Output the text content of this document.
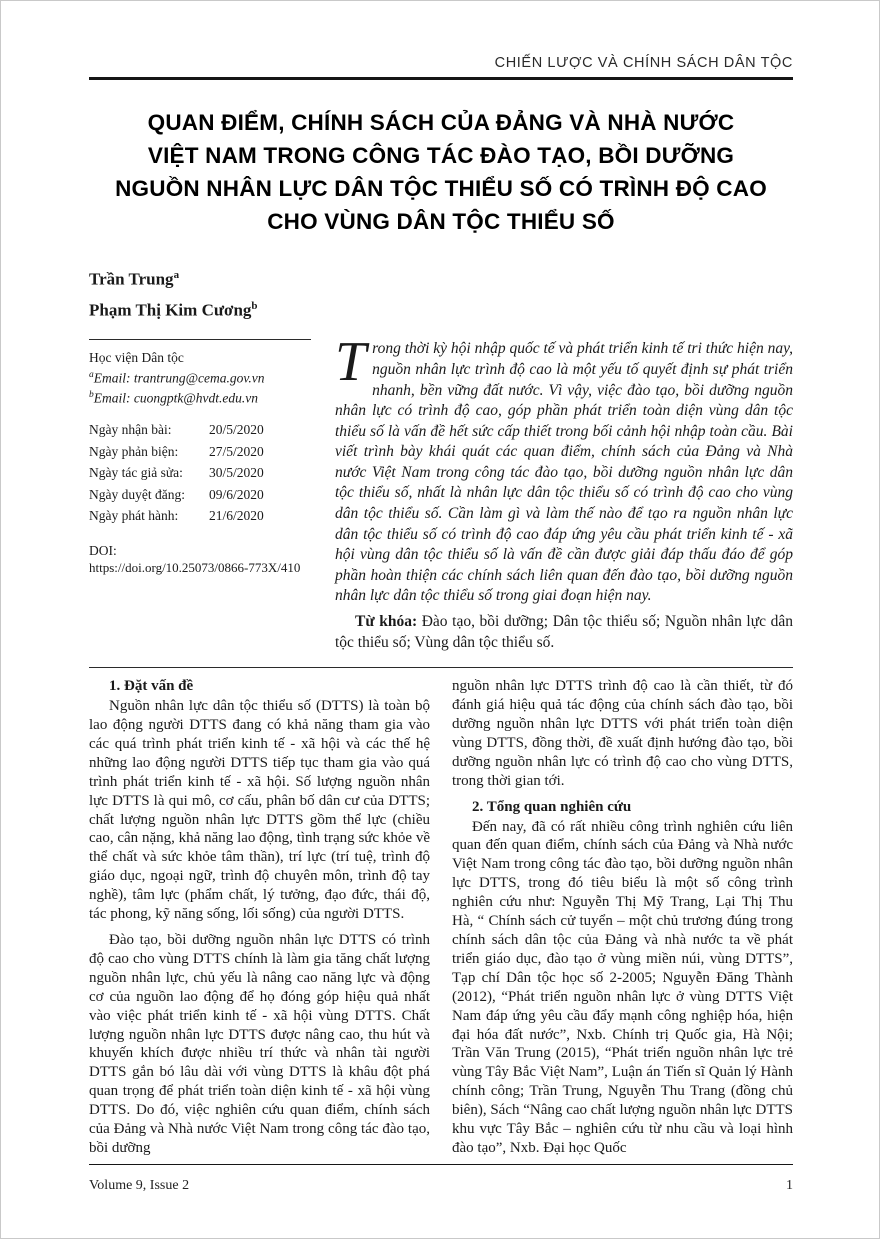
CHIẾN LƯỢC VÀ CHÍNH SÁCH DÂN TỘC
QUAN ĐIỂM, CHÍNH SÁCH CỦA ĐẢNG VÀ NHÀ NƯỚC
VIỆT NAM TRONG CÔNG TÁC ĐÀO TẠO, BỒI DƯỠNG
NGUỒN NHÂN LỰC DÂN TỘC THIỂU SỐ CÓ TRÌNH ĐỘ CAO
CHO VÙNG DÂN TỘC THIỂU SỐ
Trần Trung$^a$
Phạm Thị Kim Cương$^b$
Học viện Dân tộc
$^a$Email: trantrung@cema.gov.vn
$^b$Email: cuongptk@hvdt.edu.vn
Ngày nhận bài:	20/5/2020
Ngày phản biện:	27/5/2020
Ngày tác giả sửa:	30/5/2020
Ngày duyệt đăng:	09/6/2020
Ngày phát hành:	21/6/2020
DOI:
https://doi.org/10.25073/0866-773X/410
Trong thời kỳ hội nhập quốc tế và phát triển kinh tế tri thức hiện nay, nguồn nhân lực trình độ cao là một yếu tố quyết định sự phát triển nhanh, bền vững đất nước. Vì vậy, việc đào tạo, bồi dưỡng nguồn nhân lực có trình độ cao, góp phần phát triển toàn diện vùng dân tộc thiểu số là vấn đề hết sức cấp thiết trong bối cảnh hội nhập toàn cầu. Bài viết trình bày khái quát các quan điểm, chính sách của Đảng và Nhà nước Việt Nam trong công tác đào tạo, bồi dưỡng nguồn nhân lực dân tộc thiểu số, nhất là nhân lực dân tộc thiểu số có trình độ cao cho vùng dân tộc thiểu số. Cần làm gì và làm thế nào để tạo ra nguồn nhân lực dân tộc thiểu số có trình độ cao đáp ứng yêu cầu phát triển kinh tế - xã hội vùng dân tộc thiểu số là vấn đề cần được giải đáp thấu đáo để góp phần hoàn thiện các chính sách liên quan đến đào tạo, bồi dưỡng nguồn nhân lực dân tộc thiểu số trong giai đoạn hiện nay.

Từ khóa: Đào tạo, bồi dưỡng; Dân tộc thiểu số; Nguồn nhân lực dân tộc thiểu số; Vùng dân tộc thiểu số.

1. Đặt vấn đề

Nguồn nhân lực dân tộc thiểu số (DTTS) là toàn bộ lao động người DTTS đang có khả năng tham gia vào các quá trình phát triển kinh tế - xã hội và các thế hệ những lao động người DTTS tiếp tục tham gia vào quá trình phát triển kinh tế - xã hội. Số lượng nguồn nhân lực DTTS là qui mô, cơ cấu, phân bố dân cư của DTTS; chất lượng nguồn nhân lực DTTS gồm thể lực (chiều cao, cân nặng, khả năng lao động, tình trạng sức khỏe về thể chất và sức khỏe tâm thần), trí lực (trí tuệ, trình độ giáo dục, ngoại ngữ, trình độ chuyên môn, trình độ tay nghề), tâm lực (phẩm chất, lý tưởng, đạo đức, thái độ, tác phong, kỹ năng sống, lối sống) của người DTTS.

Đào tạo, bồi dưỡng nguồn nhân lực DTTS có trình độ cao cho vùng DTTS chính là làm gia tăng chất lượng nguồn nhân lực, chủ yếu là nâng cao năng lực và động cơ của nguồn lao động để họ đóng góp hiệu quả nhất vào việc phát triển kinh tế - xã hội vùng DTTS. Chất lượng nguồn nhân lực DTTS được nâng cao, thu hút và khuyến khích được nhiều trí thức và nhân tài người DTTS gắn bó lâu dài với vùng DTTS là khâu đột phá quan trọng để phát triển toàn diện kinh tế - xã hội vùng DTTS. Do đó, việc nghiên cứu quan điểm, chính sách của Đảng và Nhà nước Việt Nam trong công tác đào tạo, bồi dưỡng

nguồn nhân lực DTTS trình độ cao là cần thiết, từ đó đánh giá hiệu quả tác động của chính sách đào tạo, bồi dưỡng nguồn nhân lực DTTS với phát triển toàn diện vùng DTTS, đồng thời, đề xuất định hướng đào tạo, bồi dưỡng nguồn nhân lực có trình độ cao cho vùng DTTS, trong thời gian tới.

2. Tổng quan nghiên cứu

Đến nay, đã có rất nhiều công trình nghiên cứu liên quan đến quan điểm, chính sách của Đảng và Nhà nước Việt Nam trong công tác đào tạo, bồi dưỡng nguồn nhân lực DTTS, trong đó tiêu biểu là một số công trình nghiên cứu như: Nguyễn Thị Mỹ Trang, Lại Thị Thu Hà, “ Chính sách cử tuyển – một chủ trương đúng trong chính sách dân tộc của Đảng và nhà nước ta về phát triển giáo dục, đào tạo ở vùng miền núi, vùng DTTS”, Tạp chí Dân tộc học số 2-2005; Nguyễn Đăng Thành (2012), “Phát triển nguồn nhân lực ở vùng DTTS Việt Nam đáp ứng yêu cầu đẩy mạnh công nghiệp hóa, hiện đại hóa đất nước”, Nxb. Chính trị Quốc gia, Hà Nội; Trần Văn Trung (2015), “Phát triển nguồn nhân lực trẻ vùng Tây Bắc Việt Nam”, Luận án Tiến sĩ Quản lý Hành chính công; Trần Trung, Nguyễn Thu Trang (đồng chủ biên), Sách “Nâng cao chất lượng nguồn nhân lực DTTS khu vực Tây Bắc – nghiên cứu từ nhu cầu và loại hình đào tạo”, Nxb. Đại học Quốc

Volume 9, Issue 2	1
